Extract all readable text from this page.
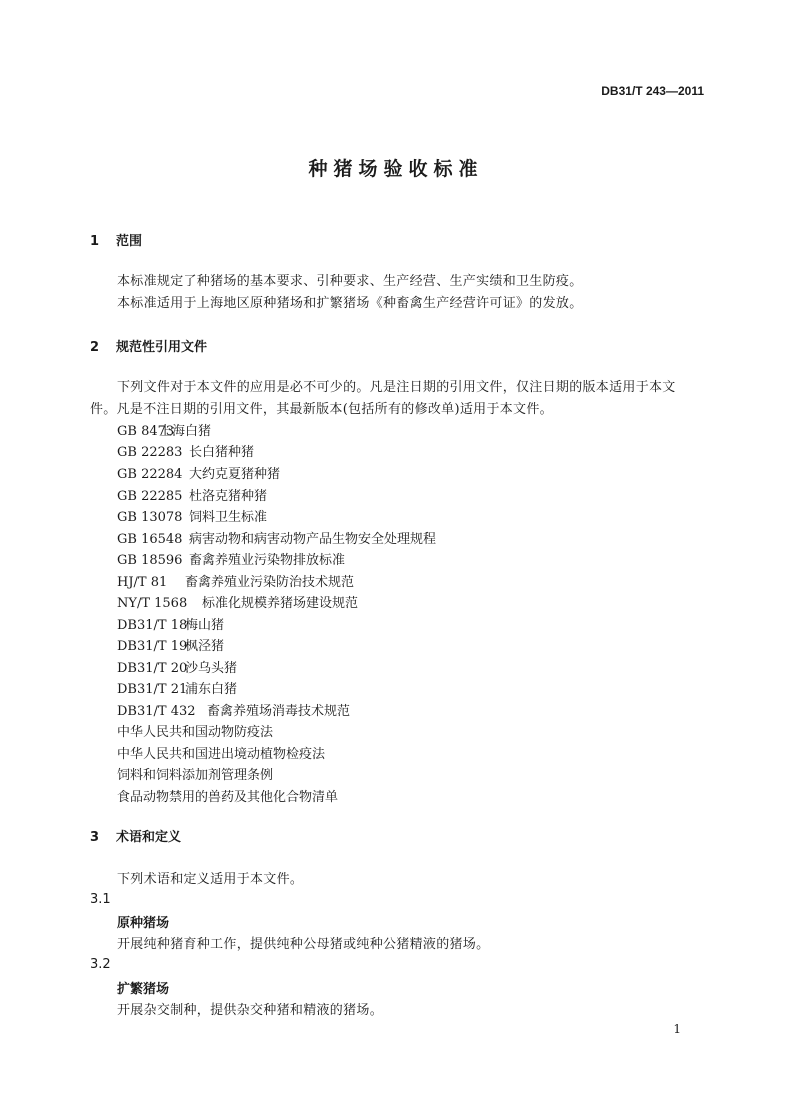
DB31/T 243—2011
种猪场验收标准
1 范围
本标准规定了种猪场的基本要求、引种要求、生产经营、生产实绩和卫生防疫。
本标准适用于上海地区原种猪场和扩繁猪场《种畜禽生产经营许可证》的发放。
2 规范性引用文件
下列文件对于本文件的应用是必不可少的。凡是注日期的引用文件，仅注日期的版本适用于本文
件。凡是不注日期的引用文件，其最新版本(包括所有的修改单)适用于本文件。
GB 8473上海白猪
GB 22283 长白猪种猪
GB 22284 大约克夏猪种猪
GB 22285 杜洛克猪种猪
GB 13078 饲料卫生标准
GB 16548 病害动物和病害动物产品生物安全处理规程
GB 18596 畜禽养殖业污染物排放标准
HJ/T 81 畜禽养殖业污染防治技术规范
NY/T 1568 标准化规模养猪场建设规范
DB31/T 18梅山猪
DB31/T 19枫泾猪
DB31/T 20沙乌头猪
DB31/T 21浦东白猪
DB31/T 432 畜禽养殖场消毒技术规范
中华人民共和国动物防疫法
中华人民共和国进出境动植物检疫法
饲料和饲料添加剂管理条例
食品动物禁用的兽药及其他化合物清单
3 术语和定义
下列术语和定义适用于本文件。
3.1
原种猪场
开展纯种猪育种工作，提供纯种公母猪或纯种公猪精液的猪场。
3.2
扩繁猪场
开展杂交制种，提供杂交种猪和精液的猪场。
1
